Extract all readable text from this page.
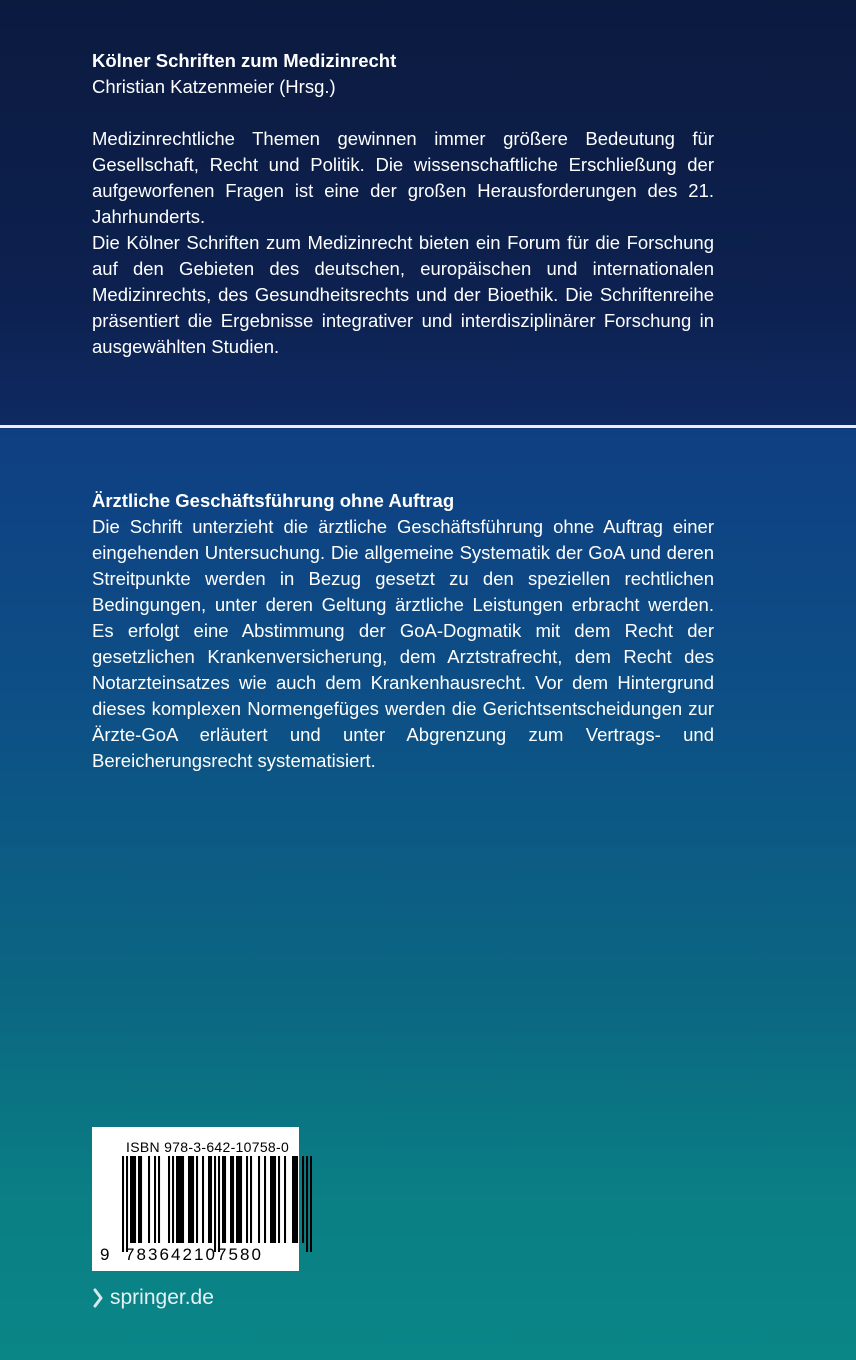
Kölner Schriften zum Medizinrecht
Christian Katzenmeier (Hrsg.)

Medizinrechtliche Themen gewinnen immer größere Bedeutung für Gesellschaft, Recht und Politik. Die wissenschaftliche Erschließung der aufgeworfenen Fragen ist eine der großen Herausforderungen des 21. Jahrhunderts.

Die Kölner Schriften zum Medizinrecht bieten ein Forum für die Forschung auf den Gebieten des deutschen, europäischen und internationalen Medizinrechts, des Gesundheitsrechts und der Bioethik. Die Schriftenreihe präsentiert die Ergebnisse integrativer und interdisziplinärer Forschung in ausgewählten Studien.

Ärztliche Geschäftsführung ohne Auftrag

Die Schrift unterzieht die ärztliche Geschäftsführung ohne Auftrag einer eingehenden Untersuchung. Die allgemeine Systematik der GoA und deren Streitpunkte werden in Bezug gesetzt zu den speziellen rechtlichen Bedingungen, unter deren Geltung ärztliche Leistungen erbracht werden. Es erfolgt eine Abstimmung der GoA-Dogmatik mit dem Recht der gesetzlichen Krankenversicherung, dem Arztstrafrecht, dem Recht des Notarzteinsatzes wie auch dem Krankenhausrecht. Vor dem Hintergrund dieses komplexen Normengefüges werden die Gerichtsentscheidungen zur Ärzte-GoA erläutert und unter Abgrenzung zum Vertrags- und Bereicherungsrecht systematisiert.

ISBN 978-3-642-10758-0
9 783642107580
springer.de
